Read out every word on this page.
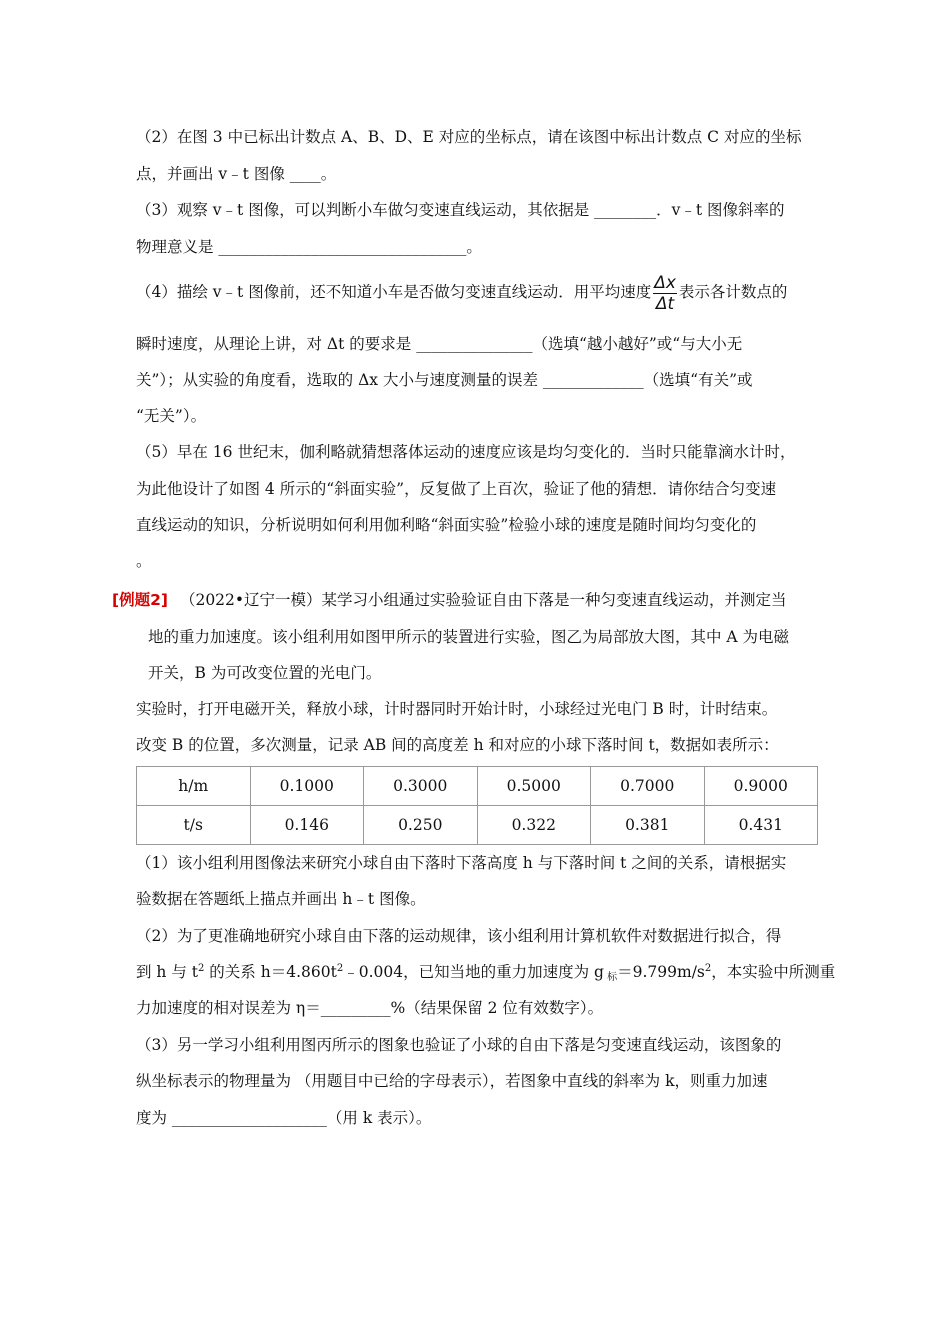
（2）在图 3 中已标出计数点 A、B、D、E 对应的坐标点，请在该图中标出计数点 C 对应的坐标
点，并画出 v﹣t 图像 ____。
（3）观察 v﹣t 图像，可以判断小车做匀变速直线运动，其依据是 ________．v﹣t 图像斜率的
物理意义是 ________________________________。
（4）描绘 v﹣t 图像前，还不知道小车是否做匀变速直线运动．用平均速度 $\frac{\Delta x}{\Delta t}$ 表示各计数点的
瞬时速度，从理论上讲，对 Δt 的要求是 _______________（选填“越小越好”或“与大小无
关”）；从实验的角度看，选取的 Δx 大小与速度测量的误差 _____________（选填“有关”或
“无关”）。
（5）早在 16 世纪末，伽利略就猜想落体运动的速度应该是均匀变化的．当时只能靠滴水计时，
为此他设计了如图 4 所示的“斜面实验”，反复做了上百次，验证了他的猜想．请你结合匀变速
直线运动的知识，分析说明如何利用伽利略“斜面实验”检验小球的速度是随时间均匀变化的
。
[例题2] （2022•辽宁一模）某学习小组通过实验验证自由下落是一种匀变速直线运动，并测定当
地的重力加速度。该小组利用如图甲所示的装置进行实验，图乙为局部放大图，其中 A 为电磁
开关，B 为可改变位置的光电门。
实验时，打开电磁开关，释放小球，计时器同时开始计时，小球经过光电门 B 时，计时结束。
改变 B 的位置，多次测量，记录 AB 间的高度差 h 和对应的小球下落时间 t，数据如表所示：
h/m	0.1000	0.3000	0.5000	0.7000	0.9000
t/s	0.146	0.250	0.322	0.381	0.431
（1）该小组利用图像法来研究小球自由下落时下落高度 h 与下落时间 t 之间的关系，请根据实
验数据在答题纸上描点并画出 h﹣t 图像。
（2）为了更准确地研究小球自由下落的运动规律，该小组利用计算机软件对数据进行拟合，得
到 h 与 $t^2$ 的关系 $h=4.860t^2﹣0.004$，已知当地的重力加速度为 g $_标=9.799m/s^2$，本实验中所测重
力加速度的相对误差为 η＝_________%（结果保留 2 位有效数字）。
（3）另一学习小组利用图丙所示的图象也验证了小球的自由下落是匀变速直线运动，该图象的
纵坐标表示的物理量为 （用题目中已给的字母表示），若图象中直线的斜率为 k，则重力加速
度为 ____________________（用 k 表示）。
